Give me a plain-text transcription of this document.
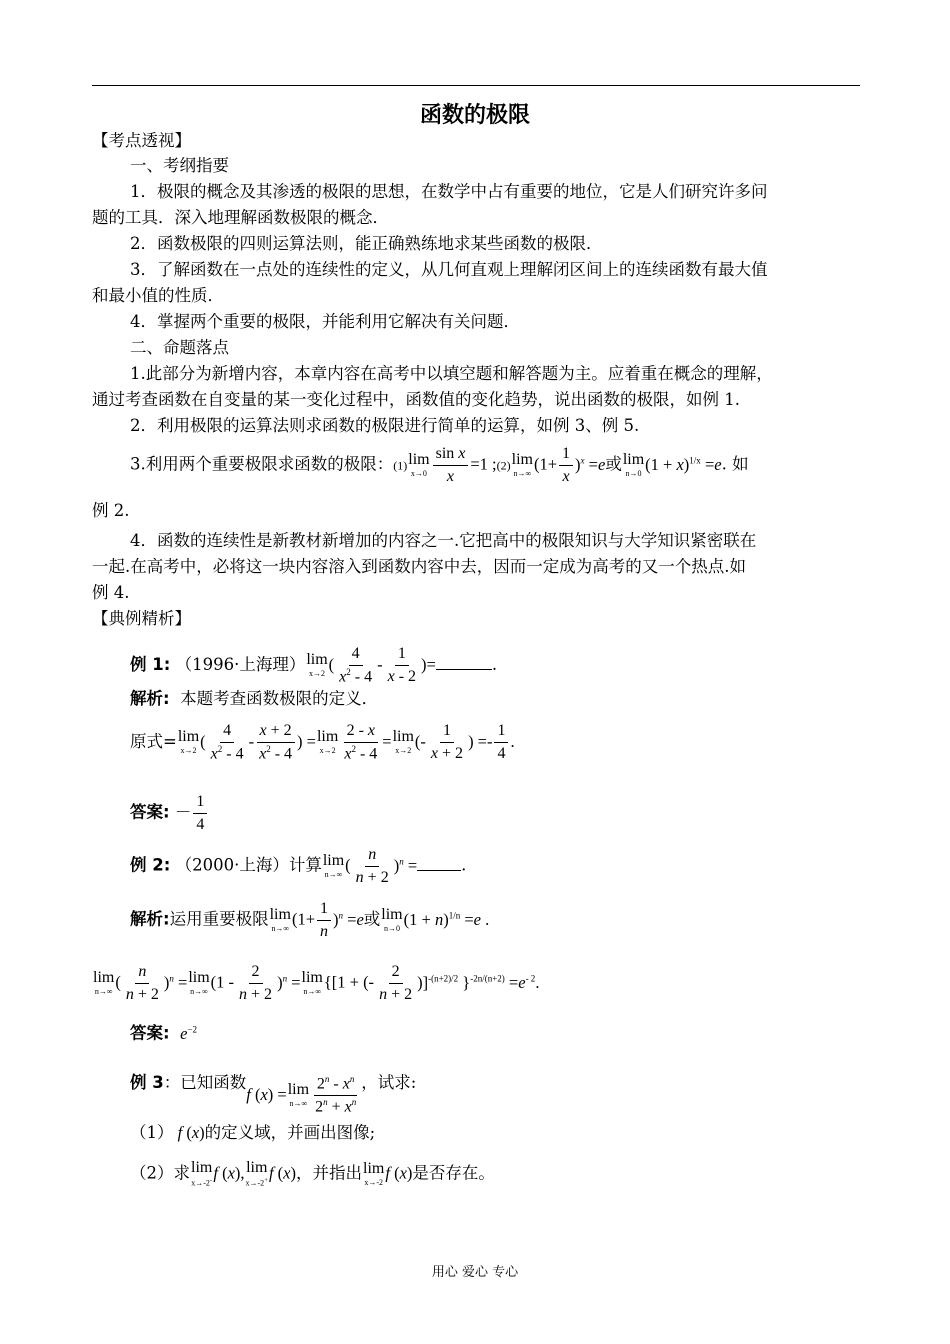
函数的极限
【考点透视】
一、考纲指要
1．极限的概念及其渗透的极限的思想，在数学中占有重要的地位，它是人们研究许多问
题的工具．深入地理解函数极限的概念．
2．函数极限的四则运算法则，能正确熟练地求某些函数的极限．
3．了解函数在一点处的连续性的定义，从几何直观上理解闭区间上的连续函数有最大值
和最小值的性质．
4．掌握两个重要的极限，并能利用它解决有关问题．
二、命题落点
1.此部分为新增内容，本章内容在高考中以填空题和解答题为主。应着重在概念的理解，
通过考查函数在自变量的某一变化过程中，函数值的变化趋势，说出函数的极限，如例 1.
2．利用极限的运算法则求函数的极限进行简单的运算，如例 3、例 5.
3.利用两个重要极限求函数的极限：(1) lim
$x\to 0 \frac{\text{sin x}}{x} =1$ ;(2) lim
n→∞ $(1+ \frac{1}{x} )^x =e$或 lim
n→0 $(1 + x)^{1/x} =e$. 如
例 2.
4．函数的连续性是新教材新增加的内容之一.它把高中的极限知识与大学知识紧密联在
一起.在高考中，必将这一块内容溶入到函数内容中去，因而一定成为高考的又一个热点.如
例 4.
【典例精析】
例 1: （1996·上海理） lim
x→2 ( $\frac{4}{x^2 - 4} - \frac{1}{x - 2}$ )=	.
解析: 本题考查函数极限的定义．
原式= lim
x→2 ( $\frac{4}{x^2 - 4} - \frac{x + 2}{x^2 - 4}$ ) = lim
$x\to 2 \frac{2 - x}{x^2 - 4} = \lim$
x→2 (- $\frac{1}{x + 2}$ ) =- $\frac{1}{4}$ .
答案: － $\frac{1}{4}$
例 2: （2000·上海）计算 lim
n→∞ ( $\frac{n}{n + 2} )^n$ =	.
解析:运用重要极限 lim
n→∞ $(1+ \frac{1}{n} )^n =e$或 lim
n→0 $(1 + n)^{1/n} =e$ .
lim
n→∞ ( $\frac{n}{n + 2} )^n = \lim$
n→∞ $(1 - \frac{2}{n + 2} )^n = \lim$
n→∞ {[1 + (- $\frac{2}{n + 2} )]^{-(n+2)/2}$ }$^{-2n/(n+2)} =e^{- 2}$.
答案: $e^{-2}$
例 3：已知函数f (x) = lim
$n\to\infty \frac{2^n - x^n}{2^n + x^n}$ ，试求:
（1） f (x)的定义域，并画出图像;
（2）求 lim
x→-2- f (x), lim
x→-2+ f (x)，并指出 lim
x→-2 f (x)是否存在。
用心 爱心 专心
